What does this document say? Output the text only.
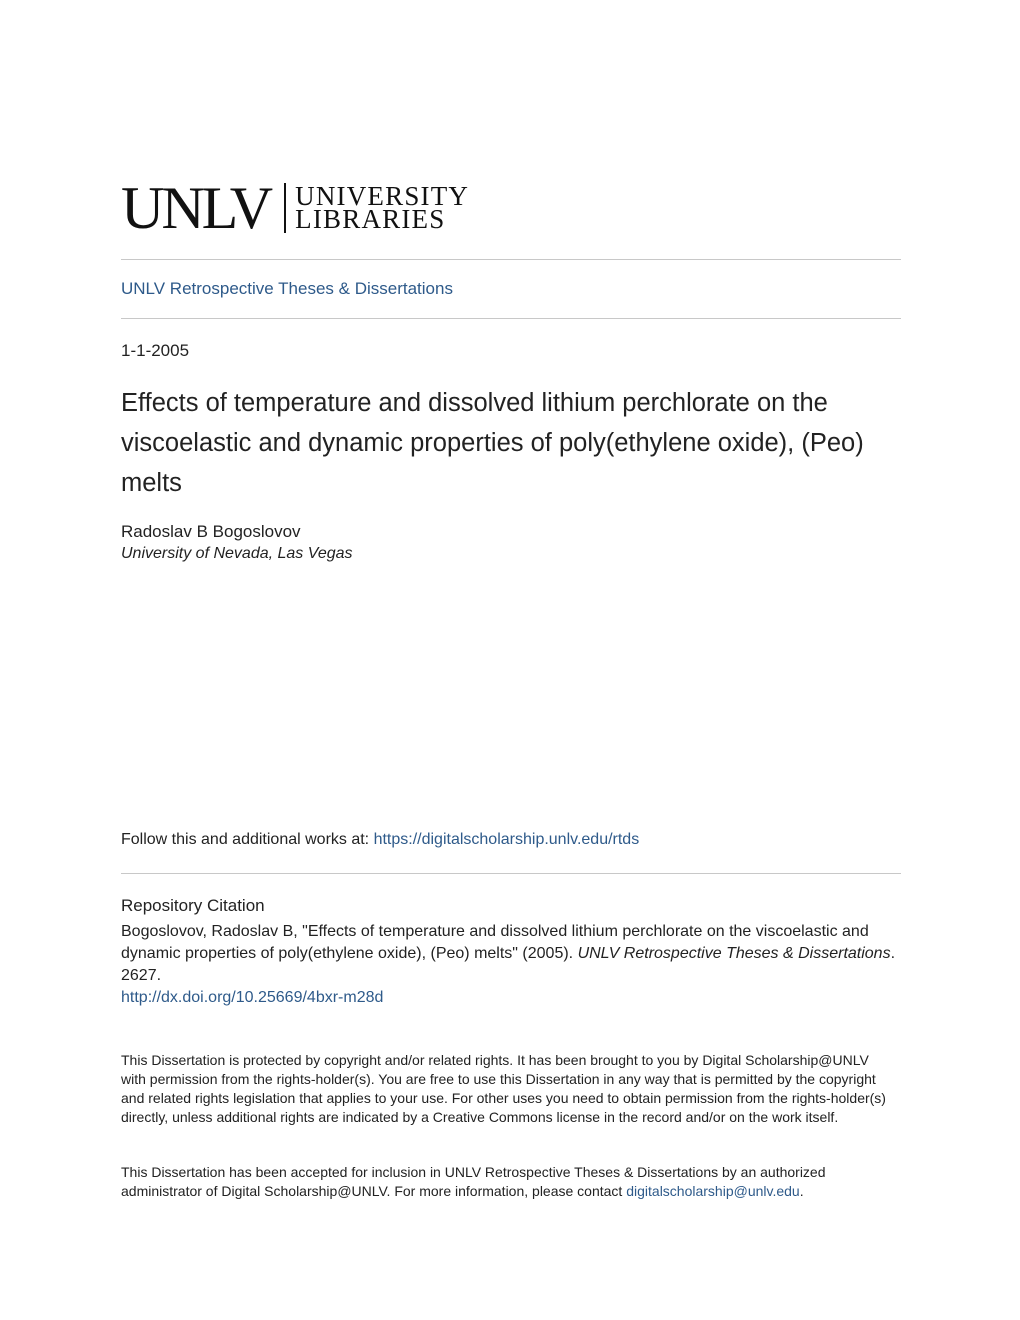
UNLV UNIVERSITY
LIBRARIES
UNLV Retrospective Theses & Dissertations
1-1-2005
Effects of temperature and dissolved lithium perchlorate on the viscoelastic and dynamic properties of poly(ethylene oxide), (Peo) melts
Radoslav B Bogoslovov
University of Nevada, Las Vegas
Follow this and additional works at: https://digitalscholarship.unlv.edu/rtds
Repository Citation
Bogoslovov, Radoslav B, "Effects of temperature and dissolved lithium perchlorate on the viscoelastic and dynamic properties of poly(ethylene oxide), (Peo) melts" (2005). UNLV Retrospective Theses & Dissertations. 2627.
http://dx.doi.org/10.25669/4bxr-m28d

This Dissertation is protected by copyright and/or related rights. It has been brought to you by Digital Scholarship@UNLV with permission from the rights-holder(s). You are free to use this Dissertation in any way that is permitted by the copyright and related rights legislation that applies to your use. For other uses you need to obtain permission from the rights-holder(s) directly, unless additional rights are indicated by a Creative Commons license in the record and/or on the work itself.

This Dissertation has been accepted for inclusion in UNLV Retrospective Theses & Dissertations by an authorized administrator of Digital Scholarship@UNLV. For more information, please contact digitalscholarship@unlv.edu.
